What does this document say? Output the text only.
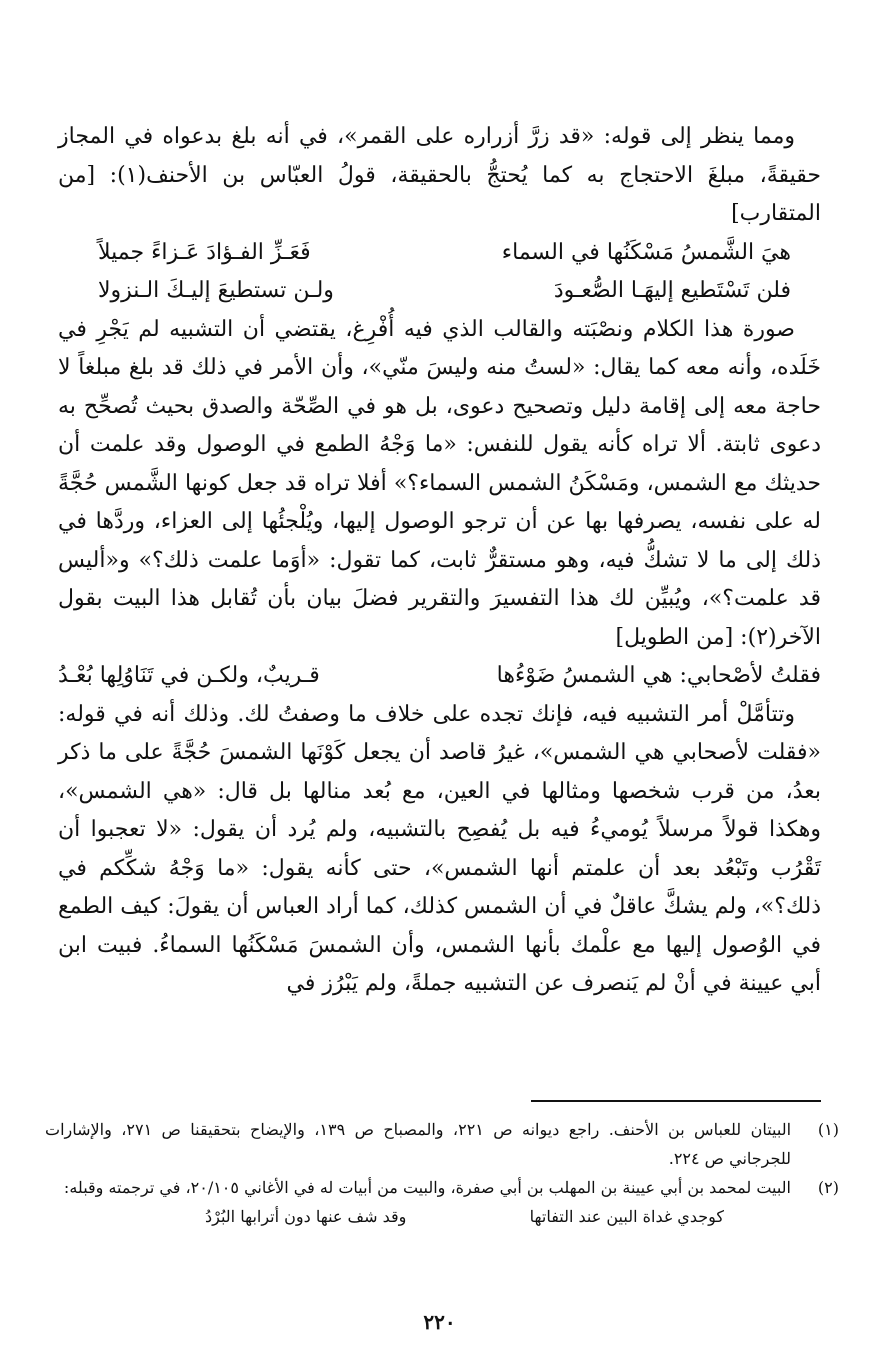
ومما ينظر إلى قوله: «قد زرَّ أزراره على القمر»، في أنه بلغ بدعواه في المجاز حقيقةً، مبلغَ الاحتجاج به كما يُحتجُّ بالحقيقة، قولُ العبّاس بن الأحنف(١): [من المتقارب]

هيَ الشَّمسُ مَسْكَنُها في السماء
فَعَـزِّ الفـؤادَ عَـزاءً جميلاً
فلن تَسْتَطيع إليهَـا الصُّعـودَ
ولـن تستطيعَ إليـكَ الـنزولا

صورة هذا الكلام ونصْبَته والقالب الذي فيه أُفْرِغ، يقتضي أن التشبيه لم يَجْرِ في خَلَده، وأنه معه كما يقال: «لستُ منه وليسَ منّي»، وأن الأمر في ذلك قد بلغ مبلغاً لا حاجة معه إلى إقامة دليل وتصحيح دعوى، بل هو في الصِّحّة والصدق بحيث تُصحِّح به دعوى ثابتة. ألا تراه كأنه يقول للنفس: «ما وَجْهُ الطمع في الوصول وقد علمت أن حديثك مع الشمس، ومَسْكَنُ الشمس السماء؟» أفلا تراه قد جعل كونها الشَّمس حُجَّةً له على نفسه، يصرفها بها عن أن ترجو الوصول إليها، ويُلْجئُها إلى العزاء، وردَّها في ذلك إلى ما لا تشكُّ فيه، وهو مستقرٌّ ثابت، كما تقول: «أوَما علمت ذلك؟» و«أليس قد علمت؟»، ويُبيِّن لك هذا التفسيرَ والتقرير فضلَ بيان بأن تُقابل هذا البيت بقول الآخر(٢): [من الطويل]

فقلتُ لأصْحابي: هي الشمسُ ضَوْءُها
قـريبٌ، ولكـن في تَنَاوُلِها بُعْـدُ

وتتأمَّلْ أمر التشبيه فيه، فإنك تجده على خلاف ما وصفتُ لك. وذلك أنه في قوله: «فقلت لأصحابي هي الشمس»، غيرُ قاصد أن يجعل كَوْنَها الشمسَ حُجَّةً على ما ذكر بعدُ، من قرب شخصها ومثالها في العين، مع بُعد منالها بل قال: «هي الشمس»، وهكذا قولاً مرسلاً يُوميءُ فيه بل يُفصِح بالتشبيه، ولم يُرد أن يقول: «لا تعجبوا أن تَقْرُب وتَبْعُد بعد أن علمتم أنها الشمس»، حتى كأنه يقول: «ما وَجْهُ شكِّكم في ذلك؟»، ولم يشكَّ عاقلٌ في أن الشمس كذلك، كما أراد العباس أن يقولَ: كيف الطمع في الوُصول إليها مع علْمك بأنها الشمس، وأن الشمسَ مَسْكَنُها السماءُ. فبيت ابن أبي عيينة في أنْ لم يَنصرف عن التشبيه جملةً، ولم يَبْرُز في

(١)
البيتان للعباس بن الأحنف. راجع ديوانه ص ٢٢١، والمصباح ص ١٣٩، والإيضاح بتحقيقنا ص ٢٧١، والإشارات للجرجاني ص ٢٢٤.
(٢)
البيت لمحمد بن أبي عيينة بن المهلب بن أبي صفرة، والبيت من أبيات له في الأغاني ٢٠/١٠٥، في ترجمته وقبله:
كوجدي غداة البين عند التفاتها
وقد شف عنها دون أترابها البُرْدُ
٢٢٠
